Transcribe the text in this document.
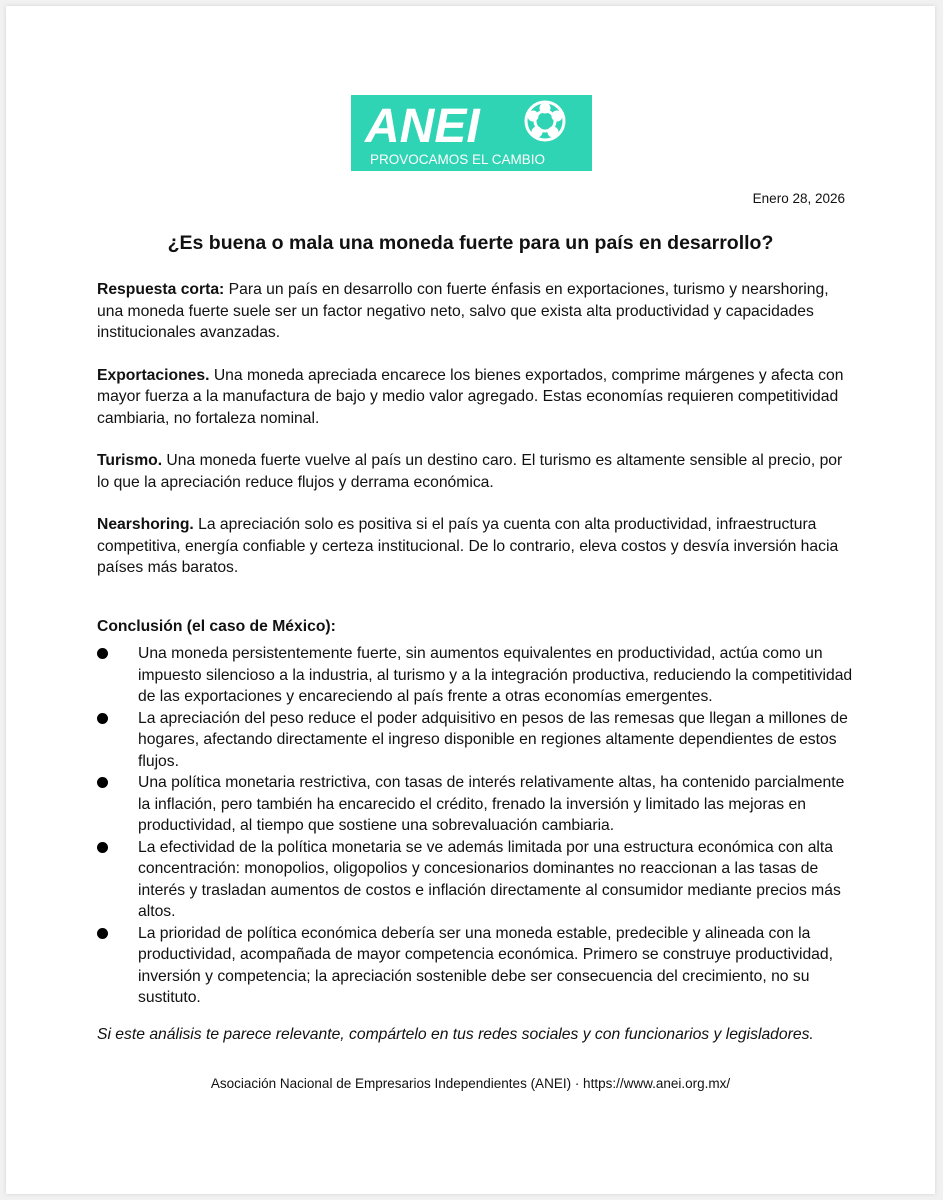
ANEI
PROVOCAMOS EL CAMBIO
Enero 28, 2026
¿Es buena o mala una moneda fuerte para un país en desarrollo?

Respuesta corta: Para un país en desarrollo con fuerte énfasis en exportaciones, turismo y nearshoring, una moneda fuerte suele ser un factor negativo neto, salvo que exista alta productividad y capacidades institucionales avanzadas.

Exportaciones. Una moneda apreciada encarece los bienes exportados, comprime márgenes y afecta con mayor fuerza a la manufactura de bajo y medio valor agregado. Estas economías requieren competitividad cambiaria, no fortaleza nominal.

Turismo. Una moneda fuerte vuelve al país un destino caro. El turismo es altamente sensible al precio, por lo que la apreciación reduce flujos y derrama económica.

Nearshoring. La apreciación solo es positiva si el país ya cuenta con alta productividad, infraestructura competitiva, energía confiable y certeza institucional. De lo contrario, eleva costos y desvía inversión hacia países más baratos.

Conclusión (el caso de México):
Una moneda persistentemente fuerte, sin aumentos equivalentes en productividad, actúa como un impuesto silencioso a la industria, al turismo y a la integración productiva, reduciendo la competitividad de las exportaciones y encareciendo al país frente a otras economías emergentes.
La apreciación del peso reduce el poder adquisitivo en pesos de las remesas que llegan a millones de hogares, afectando directamente el ingreso disponible en regiones altamente dependientes de estos flujos.
Una política monetaria restrictiva, con tasas de interés relativamente altas, ha contenido parcialmente la inflación, pero también ha encarecido el crédito, frenado la inversión y limitado las mejoras en productividad, al tiempo que sostiene una sobrevaluación cambiaria.
La efectividad de la política monetaria se ve además limitada por una estructura económica con alta concentración: monopolios, oligopolios y concesionarios dominantes no reaccionan a las tasas de interés y trasladan aumentos de costos e inflación directamente al consumidor mediante precios más altos.
La prioridad de política económica debería ser una moneda estable, predecible y alineada con la productividad, acompañada de mayor competencia económica. Primero se construye productividad, inversión y competencia; la apreciación sostenible debe ser consecuencia del crecimiento, no su sustituto.
Si este análisis te parece relevante, compártelo en tus redes sociales y con funcionarios y legisladores.
Asociación Nacional de Empresarios Independientes (ANEI) · https://www.anei.org.mx/
